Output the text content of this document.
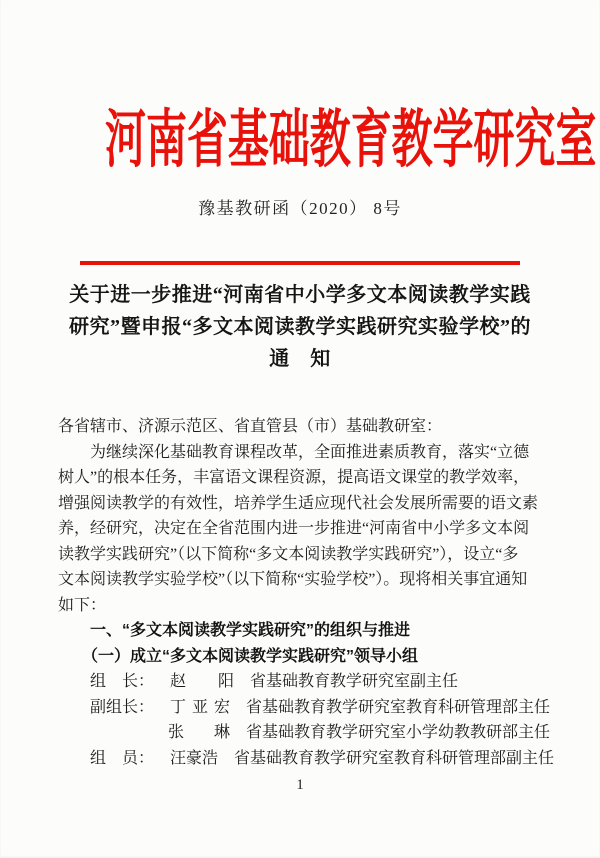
河南省基础教育教学研究室
豫基教研函（2020） 8号
关于进一步推进“河南省中小学多文本阅读教学实践
研究”暨申报“多文本阅读教学实践研究实验学校”的
通　知
各省辖市、济源示范区、省直管县（市）基础教研室：
　　为继续深化基础教育课程改革，全面推进素质教育，落实“立德
树人”的根本任务，丰富语文课程资源，提高语文课堂的教学效率，
增强阅读教学的有效性，培养学生适应现代社会发展所需要的语文素
养，经研究，决定在全省范围内进一步推进“河南省中小学多文本阅
读教学实践研究”（以下简称“多文本阅读教学实践研究”），设立“多
文本阅读教学实验学校”（以下简称“实验学校”）。现将相关事宜通知
如下：
　　一、“多文本阅读教学实践研究”的组织与推进
　　（一）成立“多文本阅读教学实践研究”领导小组
组　长： 赵　阳 省基础教育教学研究室副主任
副组长： 丁亚宏 省基础教育教学研究室教育科研管理部主任
张　琳 省基础教育教学研究室小学幼教教研部主任
组　员： 汪豪浩 省基础教育教学研究室教育科研管理部副主任
1
